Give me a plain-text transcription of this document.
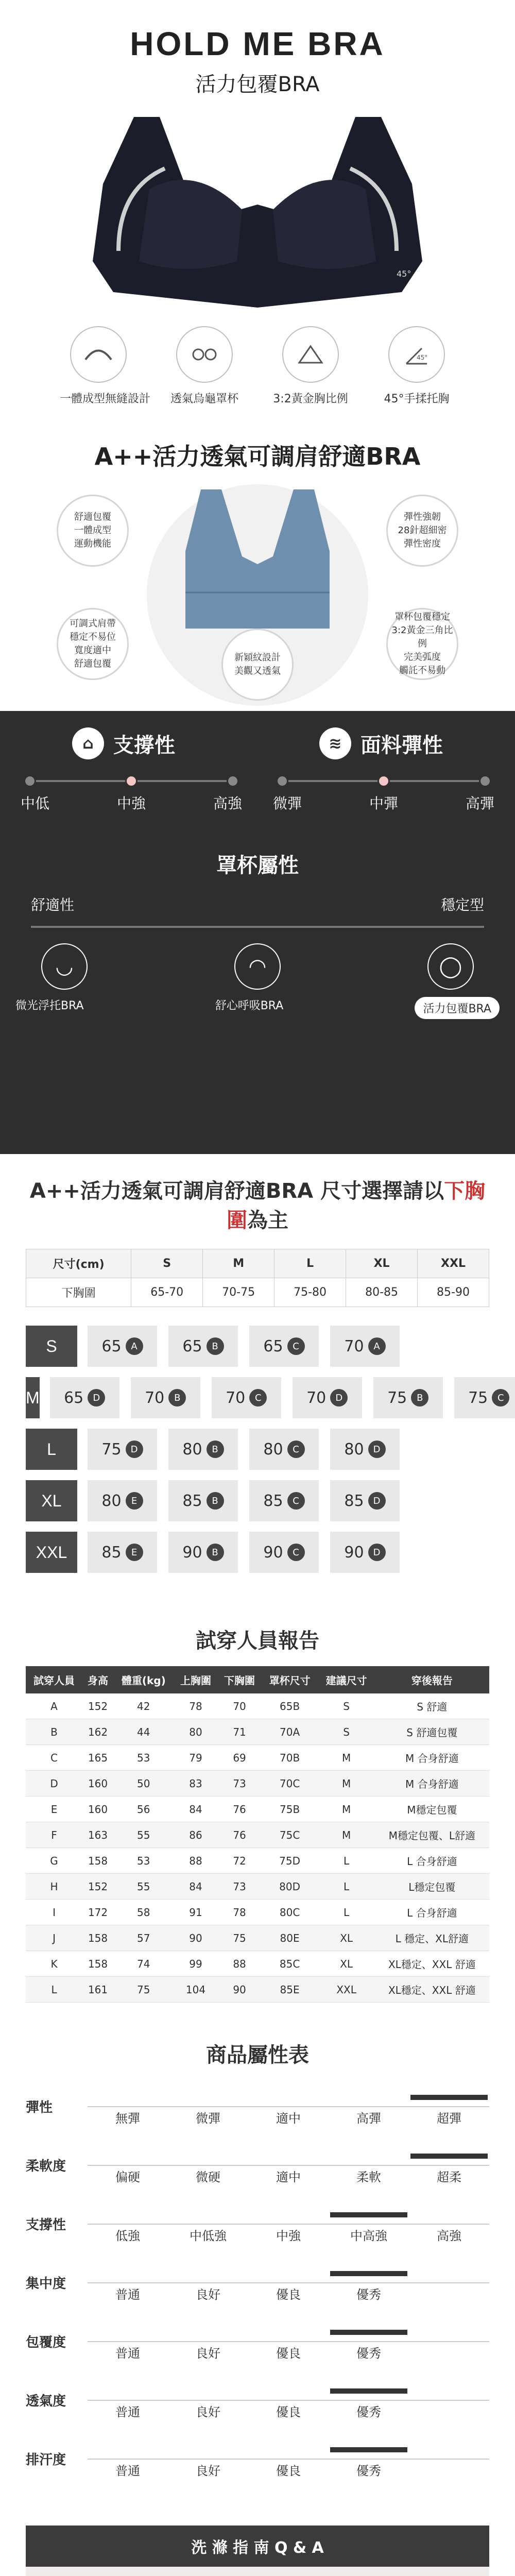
HOLD ME BRA
活力包覆BRA
45°
一體成型無縫設計	透氣烏龜罩杯	3:2黃金胸比例
45°
45°手揉托胸
A++活力透氣可調肩舒適BRA
舒適包覆
一體成型
運動機能
可調式肩帶
穩定不易位
寬度適中
舒適包覆
新穎紋設計
美觀又透氣
罩杯包覆穩定
3:2黃金三角比例
完美弧度
觸託不易動
彈性強韌
28針超細密
彈性密度
⌂ 支撐性	≋ 面料彈性
中低	中強	高強 微彈	中彈	高彈
罩杯屬性
舒適性	穩定型
◡	◠	◯
微光浮托BRA	舒心呼吸BRA	活力包覆BRA
A++活力透氣可調肩舒適BRA 尺寸選擇請以下胸圍為主
尺寸(cm)	S	M	L	XL	XXL
下胸圍	65-70	70-75	75-80	80-85	85-90
S	65	A	65	B	65	C	70	A
M 65	D	70	B	70	C	70	D	75	B	75	C
L	75	D	80	B	80	C	80	D
XL	80	E	85	B	85	C	85	D
XXL	85	E	90	B	90	C	90	D
試穿人員報告
試穿人員	身高	體重(kg)	上胸圍	下胸圍	罩杯尺寸	建議尺寸	穿後報告
A	152	42	78	70	65B	S	S 舒適
B	162	44	80	71	70A	S	S 舒適包覆
C	165	53	79	69	70B	M	M 合身舒適
D	160	50	83	73	70C	M	M 合身舒適
E	160	56	84	76	75B	M	M穩定包覆
F	163	55	86	76	75C	M	M穩定包覆、L舒適
G	158	53	88	72	75D	L	L 合身舒適
H	152	55	84	73	80D	L	L穩定包覆
I	172	58	91	78	80C	L	L 合身舒適
J	158	57	90	75	80E	XL	L 穩定、XL舒適
K	158	74	99	88	85C	XL	XL穩定、XXL 舒適
L	161	75	104	90	85E	XXL	XL穩定、XXL 舒適
商品屬性表
彈性
無彈	微彈	適中	高彈	超彈
柔軟度
偏硬	微硬	適中	柔軟	超柔
支撐性
低強	中低強	中強	中高強	高強
集中度
普通	良好	優良	優秀
包覆度
普通	良好	優良	優秀
透氣度
普通	良好	優良	優秀
排汗度
普通	良好	優良	優秀
洗 滌 指 南 Q & A
